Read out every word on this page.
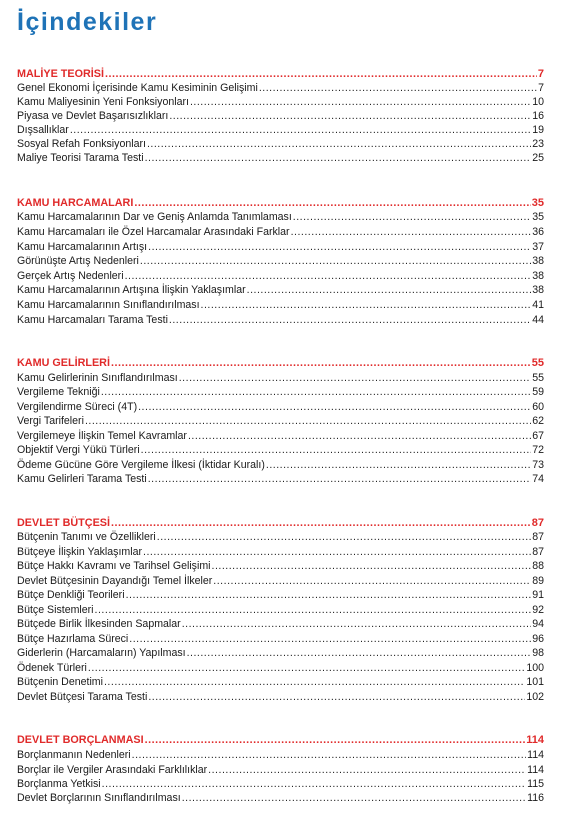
İçindekiler
MALİYE TEORİSİ .....	7
Genel Ekonomi İçerisinde Kamu Kesiminin Gelişimi .....	7
Kamu Maliyesinin Yeni Fonksiyonları .....	10
Piyasa ve Devlet Başarısızlıkları .....	16
Dışsallıklar .....	19
Sosyal Refah Fonksiyonları .....	23
Maliye Teorisi Tarama Testi .....	25
KAMU HARCAMALARI .....	35
Kamu Harcamalarının Dar ve Geniş Anlamda Tanımlaması .....	35
Kamu Harcamaları ile Özel Harcamalar Arasındaki Farklar .....	36
Kamu Harcamalarının Artışı .....	37
Görünüşte Artış Nedenleri .....	38
Gerçek Artış Nedenleri .....	38
Kamu Harcamalarının Artışına İlişkin Yaklaşımlar .....	38
Kamu Harcamalarının Sınıflandırılması .....	41
Kamu Harcamaları Tarama Testi .....	44
KAMU GELİRLERİ .....	55
Kamu Gelirlerinin Sınıflandırılması .....	55
Vergileme Tekniği .....	59
Vergilendirme Süreci (4T) .....	60
Vergi Tarifeleri .....	62
Vergilemeye İlişkin Temel Kavramlar .....	67
Objektif Vergi Yükü Türleri .....	72
Ödeme Gücüne Göre Vergileme İlkesi (İktidar Kuralı) .....	73
Kamu Gelirleri Tarama Testi .....	74
DEVLET BÜTÇESİ .....	87
Bütçenin Tanımı ve Özellikleri .....	87
Bütçeye İlişkin Yaklaşımlar .....	87
Bütçe Hakkı Kavramı ve Tarihsel Gelişimi .....	88
Devlet Bütçesinin Dayandığı Temel İlkeler .....	89
Bütçe Denkliği Teorileri .....	91
Bütçe Sistemleri .....	92
Bütçede Birlik İlkesinden Sapmalar .....	94
Bütçe Hazırlama Süreci .....	96
Giderlerin (Harcamaların) Yapılması .....	98
Ödenek Türleri .....	100
Bütçenin Denetimi .....	101
Devlet Bütçesi Tarama Testi .....	102
DEVLET BORÇLANMASI .....	114
Borçlanmanın Nedenleri .....	114
Borçlar ile Vergiler Arasındaki Farklılıklar .....	114
Borçlanma Yetkisi .....	115
Devlet Borçlarının Sınıflandırılması .....	116
